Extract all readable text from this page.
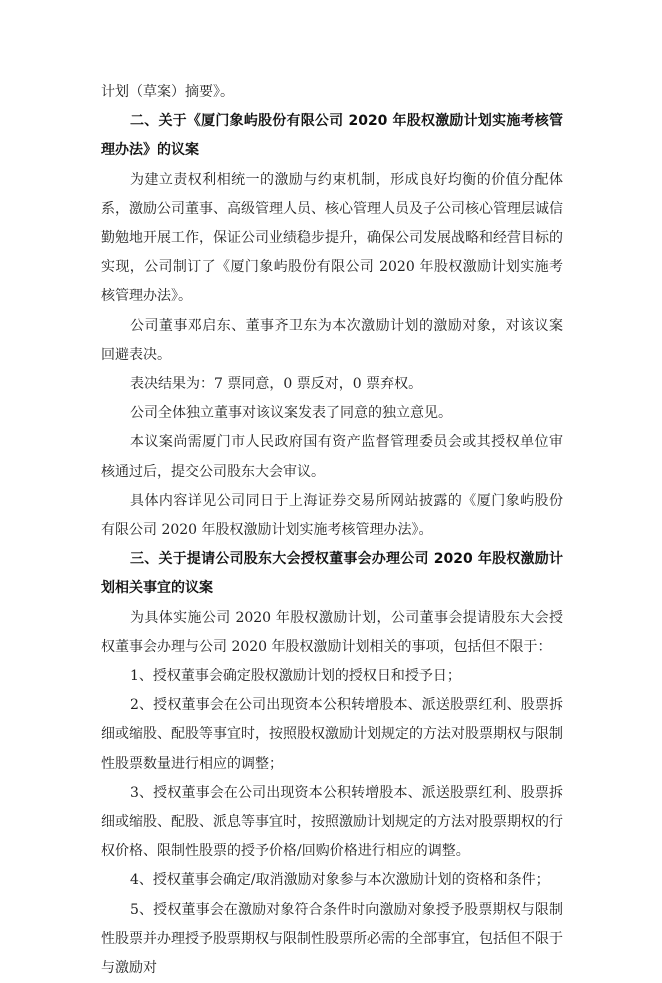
计划（草案）摘要》。

二、关于《厦门象屿股份有限公司 2020 年股权激励计划实施考核管理办法》的议案

为建立责权利相统一的激励与约束机制，形成良好均衡的价值分配体系，激励公司董事、高级管理人员、核心管理人员及子公司核心管理层诚信勤勉地开展工作，保证公司业绩稳步提升，确保公司发展战略和经营目标的实现，公司制订了《厦门象屿股份有限公司 2020 年股权激励计划实施考核管理办法》。

公司董事邓启东、董事齐卫东为本次激励计划的激励对象，对该议案回避表决。

表决结果为：7 票同意，0 票反对，0 票弃权。

公司全体独立董事对该议案发表了同意的独立意见。

本议案尚需厦门市人民政府国有资产监督管理委员会或其授权单位审核通过后，提交公司股东大会审议。

具体内容详见公司同日于上海证券交易所网站披露的《厦门象屿股份有限公司 2020 年股权激励计划实施考核管理办法》。

三、关于提请公司股东大会授权董事会办理公司 2020 年股权激励计划相关事宜的议案

为具体实施公司 2020 年股权激励计划，公司董事会提请股东大会授权董事会办理与公司 2020 年股权激励计划相关的事项，包括但不限于：

1、授权董事会确定股权激励计划的授权日和授予日；

2、授权董事会在公司出现资本公积转增股本、派送股票红利、股票拆细或缩股、配股等事宜时，按照股权激励计划规定的方法对股票期权与限制性股票数量进行相应的调整；

3、授权董事会在公司出现资本公积转增股本、派送股票红利、股票拆细或缩股、配股、派息等事宜时，按照激励计划规定的方法对股票期权的行权价格、限制性股票的授予价格/回购价格进行相应的调整。

4、授权董事会确定/取消激励对象参与本次激励计划的资格和条件；

5、授权董事会在激励对象符合条件时向激励对象授予股票期权与限制性股票并办理授予股票期权与限制性股票所必需的全部事宜，包括但不限于与激励对
